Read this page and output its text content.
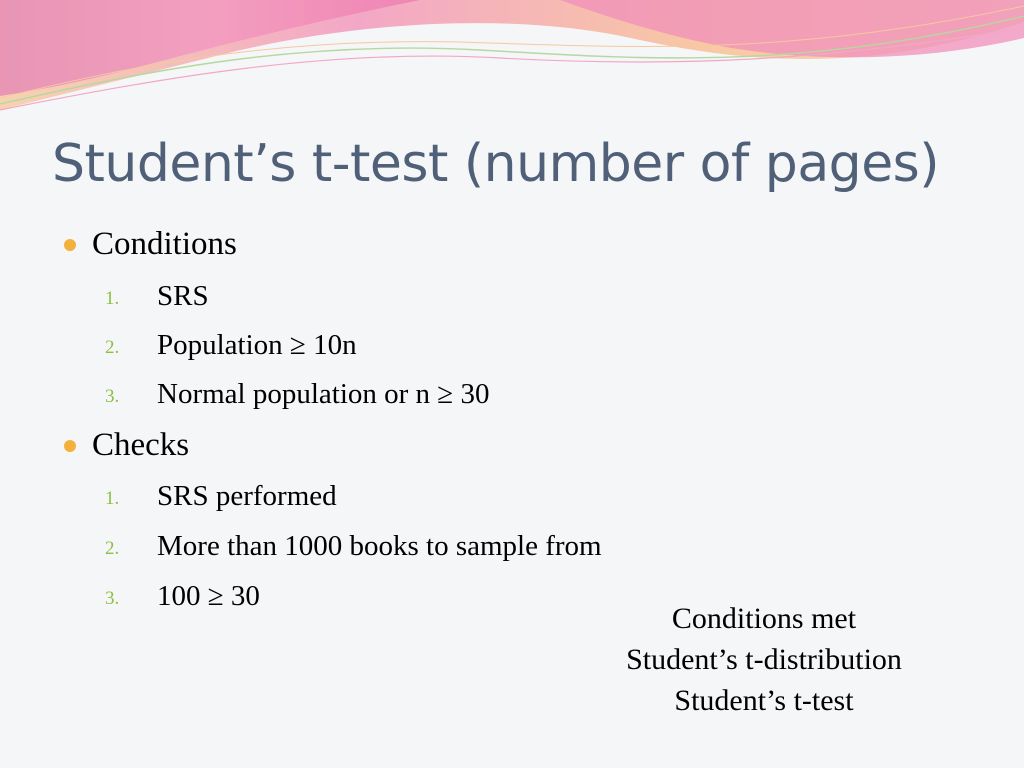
Student’s t-test (number of pages)
Conditions
1.	SRS
2.	Population ≥ 10n
3.	Normal population or n ≥ 30
Checks
1.	SRS performed
2.	More than 1000 books to sample from
3.	100 ≥ 30
Conditions met
Student’s t-distribution
Student’s t-test
